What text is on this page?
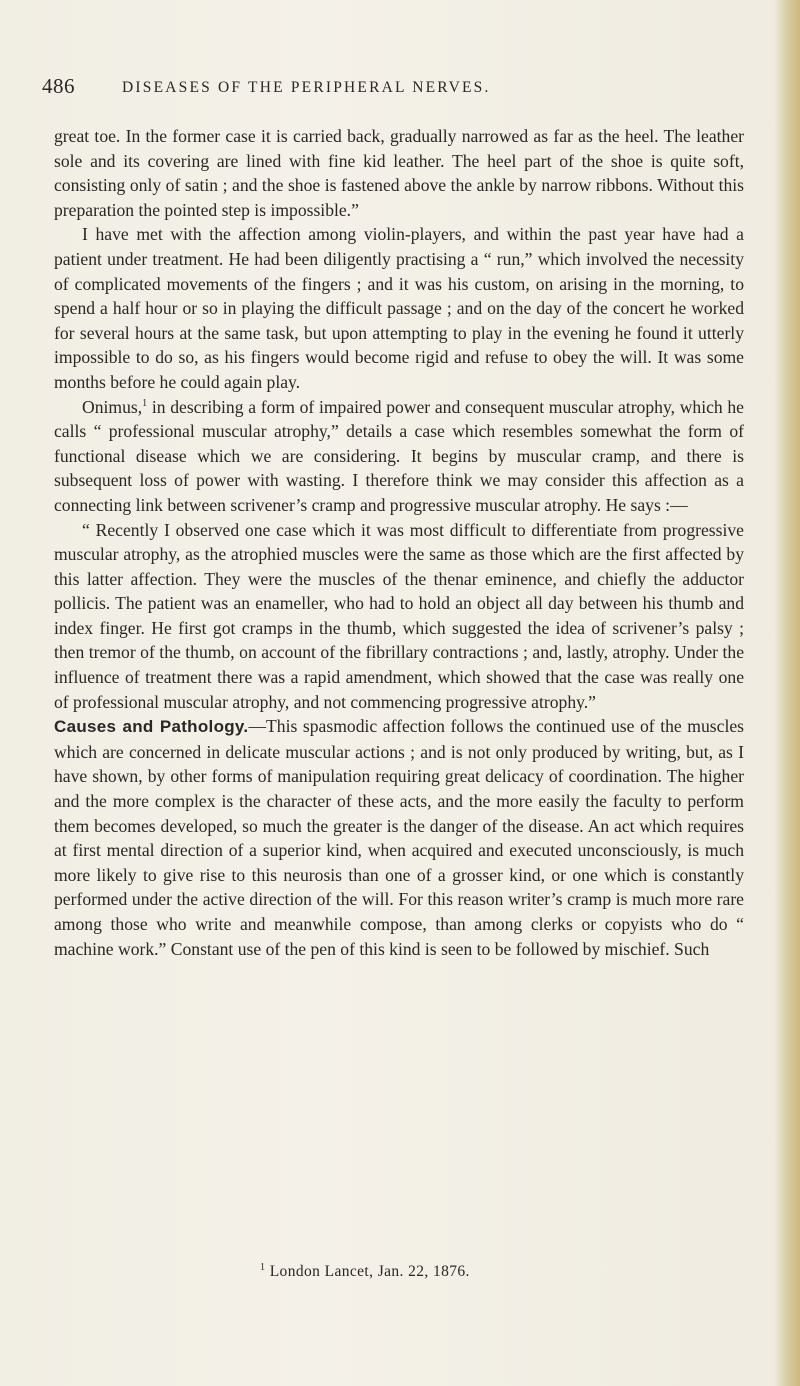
486	DISEASES OF THE PERIPHERAL NERVES.

great toe. In the former case it is carried back, gradually narrowed as far as the heel. The leather sole and its covering are lined with fine kid leather. The heel part of the shoe is quite soft, consisting only of satin ; and the shoe is fastened above the ankle by narrow ribbons. Without this preparation the pointed step is impossible.”

I have met with the affection among violin-players, and within the past year have had a patient under treatment. He had been diligently practising a “ run,” which involved the necessity of complicated movements of the fingers ; and it was his custom, on arising in the morning, to spend a half hour or so in playing the difficult passage ; and on the day of the concert he worked for several hours at the same task, but upon attempting to play in the evening he found it utterly impossible to do so, as his fingers would become rigid and refuse to obey the will. It was some months before he could again play.

Onimus,$^1$ in describing a form of impaired power and consequent muscular atrophy, which he calls “ professional muscular atrophy,” details a case which resembles somewhat the form of functional disease which we are considering. It begins by muscular cramp, and there is subsequent loss of power with wasting. I therefore think we may consider this affection as a connecting link between scrivener’s cramp and progressive muscular atrophy. He says :—

“ Recently I observed one case which it was most difficult to differentiate from progressive muscular atrophy, as the atrophied muscles were the same as those which are the first affected by this latter affection. They were the muscles of the thenar eminence, and chiefly the adductor pollicis. The patient was an enameller, who had to hold an object all day between his thumb and index finger. He first got cramps in the thumb, which suggested the idea of scrivener’s palsy ; then tremor of the thumb, on account of the fibrillary contractions ; and, lastly, atrophy. Under the influence of treatment there was a rapid amendment, which showed that the case was really one of professional muscular atrophy, and not commencing progressive atrophy.”

Causes and Pathology.—This spasmodic affection follows the continued use of the muscles which are concerned in delicate muscular actions ; and is not only produced by writing, but, as I have shown, by other forms of manipulation requiring great delicacy of coordination. The higher and the more complex is the character of these acts, and the more easily the faculty to perform them becomes developed, so much the greater is the danger of the disease. An act which requires at first mental direction of a superior kind, when acquired and executed unconsciously, is much more likely to give rise to this neurosis than one of a grosser kind, or one which is constantly performed under the active direction of the will. For this reason writer’s cramp is much more rare among those who write and meanwhile compose, than among clerks or copyists who do “ machine work.” Constant use of the pen of this kind is seen to be followed by mischief. Such

$^1$ London Lancet, Jan. 22, 1876.
